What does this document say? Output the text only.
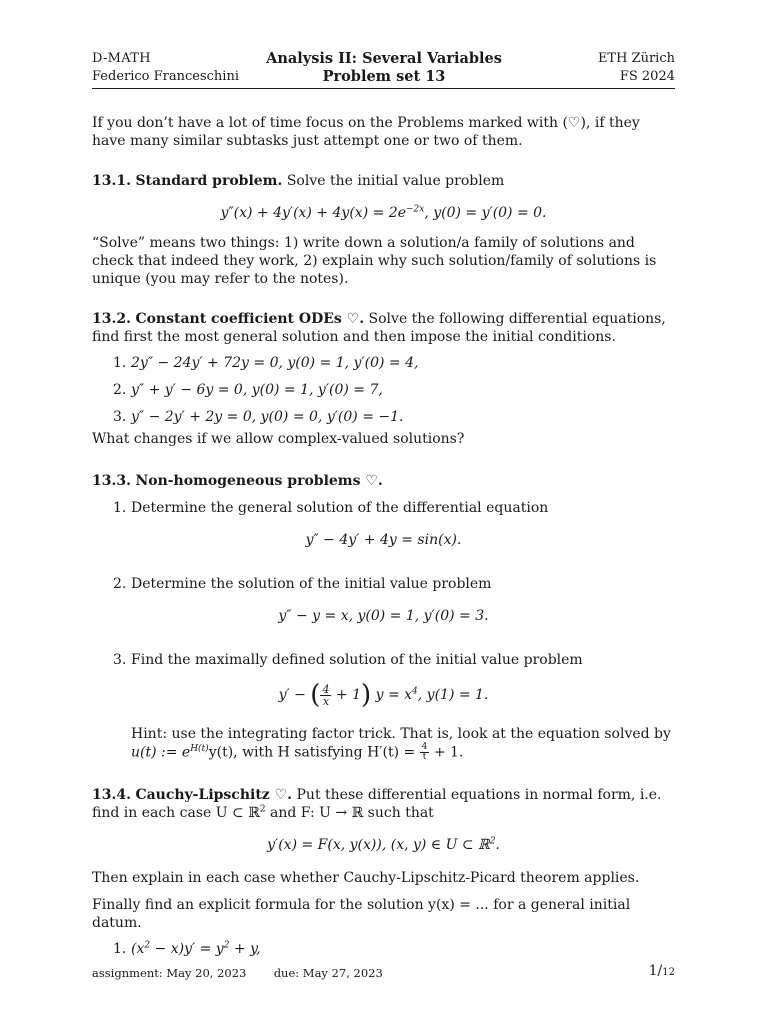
D-MATH
Federico Franceschini
Analysis II: Several Variables
Problem set 13
ETH Zürich
FS 2024

If you don’t have a lot of time focus on the Problems marked with (♡), if they have many similar subtasks just attempt one or two of them.

13.1. Standard problem. Solve the initial value problem

$y''(x) + 4y'(x) + 4y(x) = 2e^{-2x}$, y(0) = y′(0) = 0.

“Solve” means two things: 1) write down a solution/a family of solutions and check that indeed they work, 2) explain why such solution/family of solutions is unique (you may refer to the notes).

13.2. Constant coefficient ODEs ♡. Solve the following differential equations, find first the most general solution and then impose the initial conditions.

1. 2y″ − 24y′ + 72y = 0, y(0) = 1, y′(0) = 4,
2. y″ + y′ − 6y = 0, y(0) = 1, y′(0) = 7,
3. y″ − 2y′ + 2y = 0, y(0) = 0, y′(0) = −1.

What changes if we allow complex-valued solutions?

13.3. Non-homogeneous problems ♡.

1. Determine the general solution of the differential equation

y″ − 4y′ + 4y = sin(x).

2. Determine the solution of the initial value problem

y″ − y = x, y(0) = 1, y′(0) = 3.

3. Find the maximally defined solution of the initial value problem

y′ − ( $\frac{4}{x} + 1$) $y = x^4$, y(1) = 1.

Hint: use the integrating factor trick. That is, look at the equation solved by
u(t) := $e^{H(t)}y(t)$, with H satisfying $H'(t) = \frac{4}{t} + 1$.

13.4. Cauchy-Lipschitz ♡. Put these differential equations in normal form, i.e. find in each case U ⊂ ℝ$^2$ and F: U → ℝ such that

y′(x) = F(x, y(x)), (x, y) ∈ U ⊂ ℝ$^2$.

Then explain in each case whether Cauchy-Lipschitz-Picard theorem applies.

Finally find an explicit formula for the solution y(x) = ... for a general initial datum.

1. $(x^2 - x)y' = y^2 + y$,
assignment: May 20, 2023 due: May 27, 2023	1/12
